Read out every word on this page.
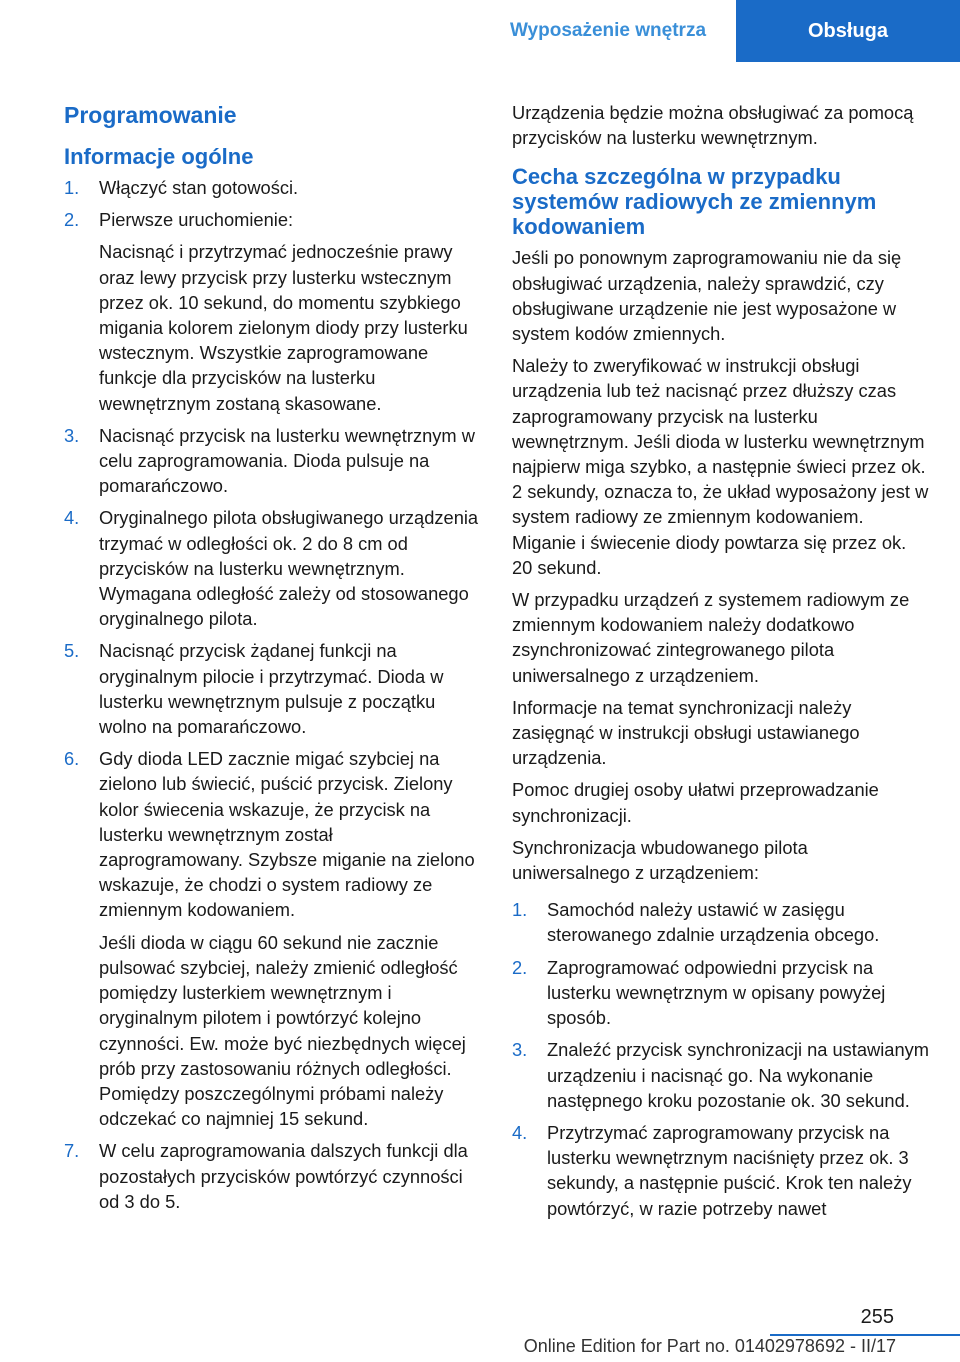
Wyposażenie wnętrza	Obsługa
Programowanie
Informacje ogólne
1. Włączyć stan gotowości.
2. Pierwsze uruchomienie:
Nacisnąć i przytrzymać jednocześnie prawy oraz lewy przycisk przy lusterku wstecznym przez ok. 10 sekund, do momentu szybkiego migania kolorem zielonym diody przy lusterku wstecznym. Wszystkie zaprogramowane funkcje dla przycisków na lusterku wewnętrznym zostaną skasowane.
3. Nacisnąć przycisk na lusterku wewnętrznym w celu zaprogramowania. Dioda pulsuje na pomarańczowo.
4. Oryginalnego pilota obsługiwanego urządzenia trzymać w odległości ok. 2 do 8 cm od przycisków na lusterku wewnętrznym. Wymagana odległość zależy od stosowanego oryginalnego pilota.
5. Nacisnąć przycisk żądanej funkcji na oryginalnym pilocie i przytrzymać. Dioda w lusterku wewnętrznym pulsuje z początku wolno na pomarańczowo.
6. Gdy dioda LED zacznie migać szybciej na zielono lub świecić, puścić przycisk. Zielony kolor świecenia wskazuje, że przycisk na lusterku wewnętrznym został zaprogramowany. Szybsze miganie na zielono wskazuje, że chodzi o system radiowy ze zmiennym kodowaniem.
Jeśli dioda w ciągu 60 sekund nie zacznie pulsować szybciej, należy zmienić odległość pomiędzy lusterkiem wewnętrznym i oryginalnym pilotem i powtórzyć kolejno czynności. Ew. może być niezbędnych więcej prób przy zastosowaniu różnych odległości. Pomiędzy poszczególnymi próbami należy odczekać co najmniej 15 sekund.
7. W celu zaprogramowania dalszych funkcji dla pozostałych przycisków powtórzyć czynności od 3 do 5.

Urządzenia będzie można obsługiwać za pomocą przycisków na lusterku wewnętrznym.

Cecha szczególna w przypadku systemów radiowych ze zmiennym kodowaniem

Jeśli po ponownym zaprogramowaniu nie da się obsługiwać urządzenia, należy sprawdzić, czy obsługiwane urządzenie nie jest wyposażone w system kodów zmiennych.

Należy to zweryfikować w instrukcji obsługi urządzenia lub też nacisnąć przez dłuższy czas zaprogramowany przycisk na lusterku wewnętrznym. Jeśli dioda w lusterku wewnętrznym najpierw miga szybko, a następnie świeci przez ok. 2 sekundy, oznacza to, że układ wyposażony jest w system radiowy ze zmiennym kodowaniem. Miganie i świecenie diody powtarza się przez ok. 20 sekund.

W przypadku urządzeń z systemem radiowym ze zmiennym kodowaniem należy dodatkowo zsynchronizować zintegrowanego pilota uniwersalnego z urządzeniem.

Informacje na temat synchronizacji należy zasięgnąć w instrukcji obsługi ustawianego urządzenia.

Pomoc drugiej osoby ułatwi przeprowadzanie synchronizacji.

Synchronizacja wbudowanego pilota uniwersalnego z urządzeniem:

1. Samochód należy ustawić w zasięgu sterowanego zdalnie urządzenia obcego.
2. Zaprogramować odpowiedni przycisk na lusterku wewnętrznym w opisany powyżej sposób.
3. Znaleźć przycisk synchronizacji na ustawianym urządzeniu i nacisnąć go. Na wykonanie następnego kroku pozostanie ok. 30 sekund.
4. Przytrzymać zaprogramowany przycisk na lusterku wewnętrznym naciśnięty przez ok. 3 sekundy, a następnie puścić. Krok ten należy powtórzyć, w razie potrzeby nawet
255
Online Edition for Part no. 01402978692 - II/17
